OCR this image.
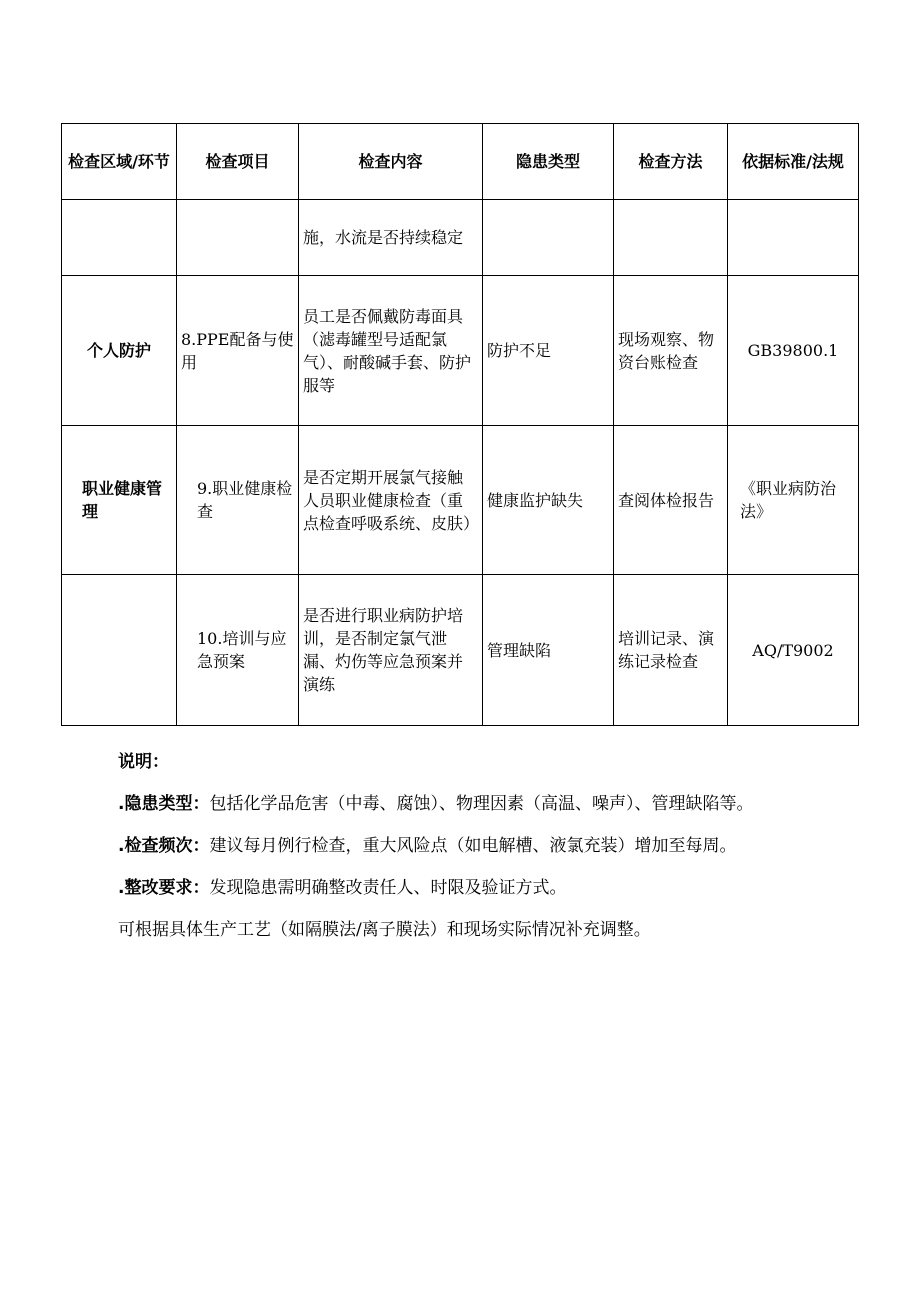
检查区域/环节	检查项目	检查内容	隐患类型	检查方法	依据标准/法规
		施，水流是否持续稳定			
个人防护	8.PPE配备与使用	员工是否佩戴防毒面具（滤毒罐型号适配氯气）、耐酸碱手套、防护服等	防护不足	现场观察、物资台账检查	GB39800.1
职业健康管理	9.职业健康检查	是否定期开展氯气接触人员职业健康检查（重点检查呼吸系统、皮肤）	健康监护缺失	查阅体检报告	《职业病防治法》
	10.培训与应急预案	是否进行职业病防护培训，是否制定氯气泄漏、灼伤等应急预案并演练	管理缺陷	培训记录、演练记录检查	AQ/T9002
说明：
.隐患类型：包括化学品危害（中毒、腐蚀）、物理因素（高温、噪声）、管理缺陷等。
.检查频次：建议每月例行检查，重大风险点（如电解槽、液氯充装）增加至每周。
.整改要求：发现隐患需明确整改责任人、时限及验证方式。
可根据具体生产工艺（如隔膜法/离子膜法）和现场实际情况补充调整。
